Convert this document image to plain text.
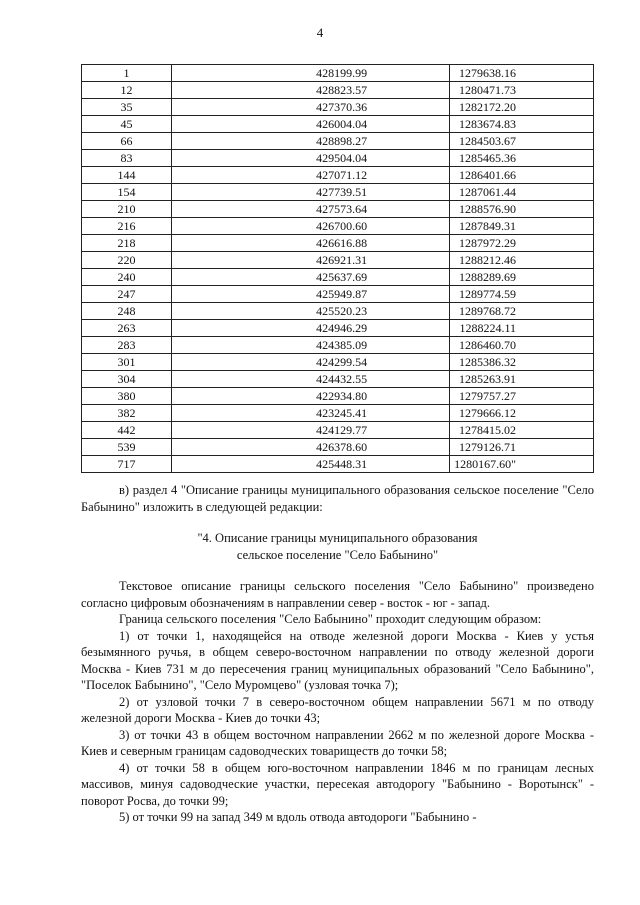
4
1	428199.99	1279638.16
12	428823.57	1280471.73
35	427370.36	1282172.20
45	426004.04	1283674.83
66	428898.27	1284503.67
83	429504.04	1285465.36
144	427071.12	1286401.66
154	427739.51	1287061.44
210	427573.64	1288576.90
216	426700.60	1287849.31
218	426616.88	1287972.29
220	426921.31	1288212.46
240	425637.69	1288289.69
247	425949.87	1289774.59
248	425520.23	1289768.72
263	424946.29	1288224.11
283	424385.09	1286460.70
301	424299.54	1285386.32
304	424432.55	1285263.91
380	422934.80	1279757.27
382	423245.41	1279666.12
442	424129.77	1278415.02
539	426378.60	1279126.71
717	425448.31	1280167.60"

в) раздел 4 "Описание границы муниципального образования сельское поселение "Село Бабынино" изложить в следующей редакции:

"4. Описание границы муниципального образования
сельское поселение "Село Бабынино"

Текстовое описание границы сельского поселения "Село Бабынино" произведено согласно цифровым обозначениям в направлении север - восток - юг - запад.

Граница сельского поселения "Село Бабынино" проходит следующим образом:

1) от точки 1, находящейся на отводе железной дороги Москва - Киев у устья безымянного ручья, в общем северо-восточном направлении по отводу железной дороги Москва - Киев 731 м до пересечения границ муниципальных образований "Село Бабынино", "Поселок Бабынино", "Село Муромцево" (узловая точка 7);

2) от узловой точки 7 в северо-восточном общем направлении 5671 м по отводу железной дороги Москва - Киев до точки 43;

3) от точки 43 в общем восточном направлении 2662 м по железной дороге Москва - Киев и северным границам садоводческих товариществ до точки 58;

4) от точки 58 в общем юго-восточном направлении 1846 м по границам лесных массивов, минуя садоводческие участки, пересекая автодорогу "Бабынино - Воротынск" - поворот Росва, до точки 99;

5) от точки 99 на запад 349 м вдоль отвода автодороги "Бабынино -
